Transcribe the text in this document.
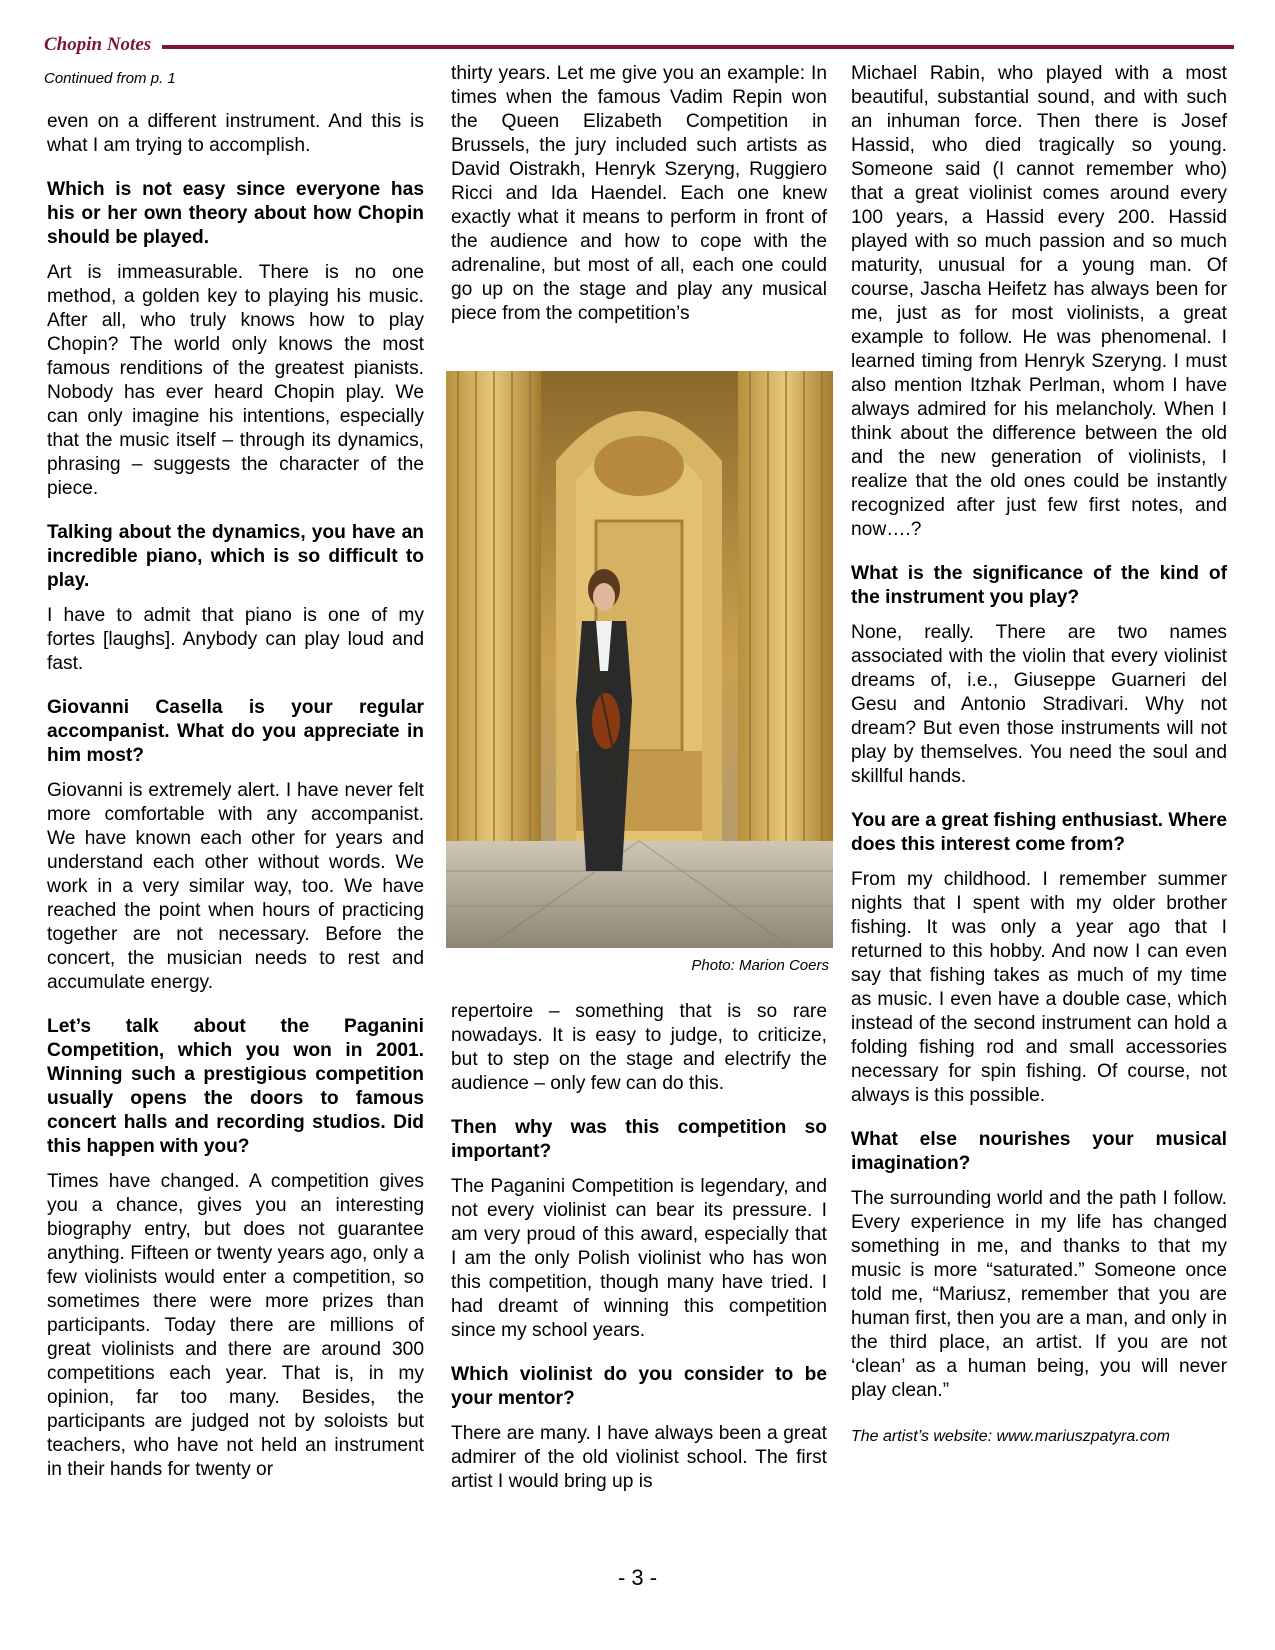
Chopin Notes
Continued from p. 1

even on a different instrument. And this is what I am trying to accomplish.

Which is not easy since everyone has his or her own theory about how Chopin should be played.

Art is immeasurable. There is no one method, a golden key to playing his music. After all, who truly knows how to play Chopin? The world only knows the most famous renditions of the greatest pianists. Nobody has ever heard Chopin play. We can only imagine his intentions, especially that the music itself – through its dynamics, phrasing – suggests the character of the piece.

Talking about the dynamics, you have an incredible piano, which is so difficult to play.

I have to admit that piano is one of my fortes [laughs]. Anybody can play loud and fast.

Giovanni Casella is your regular accompanist. What do you appreciate in him most?

Giovanni is extremely alert. I have never felt more comfortable with any accompanist. We have known each other for years and understand each other without words. We work in a very similar way, too. We have reached the point when hours of practicing together are not necessary. Before the concert, the musician needs to rest and accumulate energy.

Let’s talk about the Paganini Competition, which you won in 2001. Winning such a prestigious competition usually opens the doors to famous concert halls and recording studios. Did this happen with you?

Times have changed. A competition gives you a chance, gives you an interesting biography entry, but does not guarantee anything. Fifteen or twenty years ago, only a few violinists would enter a competition, so sometimes there were more prizes than participants. Today there are millions of great violinists and there are around 300 competitions each year. That is, in my opinion, far too many. Besides, the participants are judged not by soloists but teachers, who have not held an instrument in their hands for twenty or

thirty years. Let me give you an example: In times when the famous Vadim Repin won the Queen Elizabeth Competition in Brussels, the jury included such artists as David Oistrakh, Henryk Szeryng, Ruggiero Ricci and Ida Haendel. Each one knew exactly what it means to perform in front of the audience and how to cope with the adrenaline, but most of all, each one could go up on the stage and play any musical piece from the competition’s

Photo: Marion Coers

repertoire – something that is so rare nowadays. It is easy to judge, to criticize, but to step on the stage and electrify the audience – only few can do this.

Then why was this competition so important?

The Paganini Competition is legendary, and not every violinist can bear its pressure. I am very proud of this award, especially that I am the only Polish violinist who has won this competition, though many have tried. I had dreamt of winning this competition since my school years.

Which violinist do you consider to be your mentor?

There are many. I have always been a great admirer of the old violinist school. The first artist I would bring up is

Michael Rabin, who played with a most beautiful, substantial sound, and with such an inhuman force. Then there is Josef Hassid, who died tragically so young. Someone said (I cannot remember who) that a great violinist comes around every 100 years, a Hassid every 200. Hassid played with so much passion and so much maturity, unusual for a young man. Of course, Jascha Heifetz has always been for me, just as for most violinists, a great example to follow. He was phenomenal. I learned timing from Henryk Szeryng. I must also mention Itzhak Perlman, whom I have always admired for his melancholy. When I think about the difference between the old and the new generation of violinists, I realize that the old ones could be instantly recognized after just few first notes, and now….?

What is the significance of the kind of the instrument you play?

None, really. There are two names associated with the violin that every violinist dreams of, i.e., Giuseppe Guarneri del Gesu and Antonio Stradivari. Why not dream? But even those instruments will not play by themselves. You need the soul and skillful hands.

You are a great fishing enthusiast. Where does this interest come from?

From my childhood. I remember summer nights that I spent with my older brother fishing. It was only a year ago that I returned to this hobby. And now I can even say that fishing takes as much of my time as music. I even have a double case, which instead of the second instrument can hold a folding fishing rod and small accessories necessary for spin fishing. Of course, not always is this possible.

What else nourishes your musical imagination?

The surrounding world and the path I follow. Every experience in my life has changed something in me, and thanks to that my music is more “saturated.” Someone once told me, “Mariusz, remember that you are human first, then you are a man, and only in the third place, an artist. If you are not ‘clean’ as a human being, you will never play clean.”

The artist’s website: www.mariuszpatyra.com

- 3 -
